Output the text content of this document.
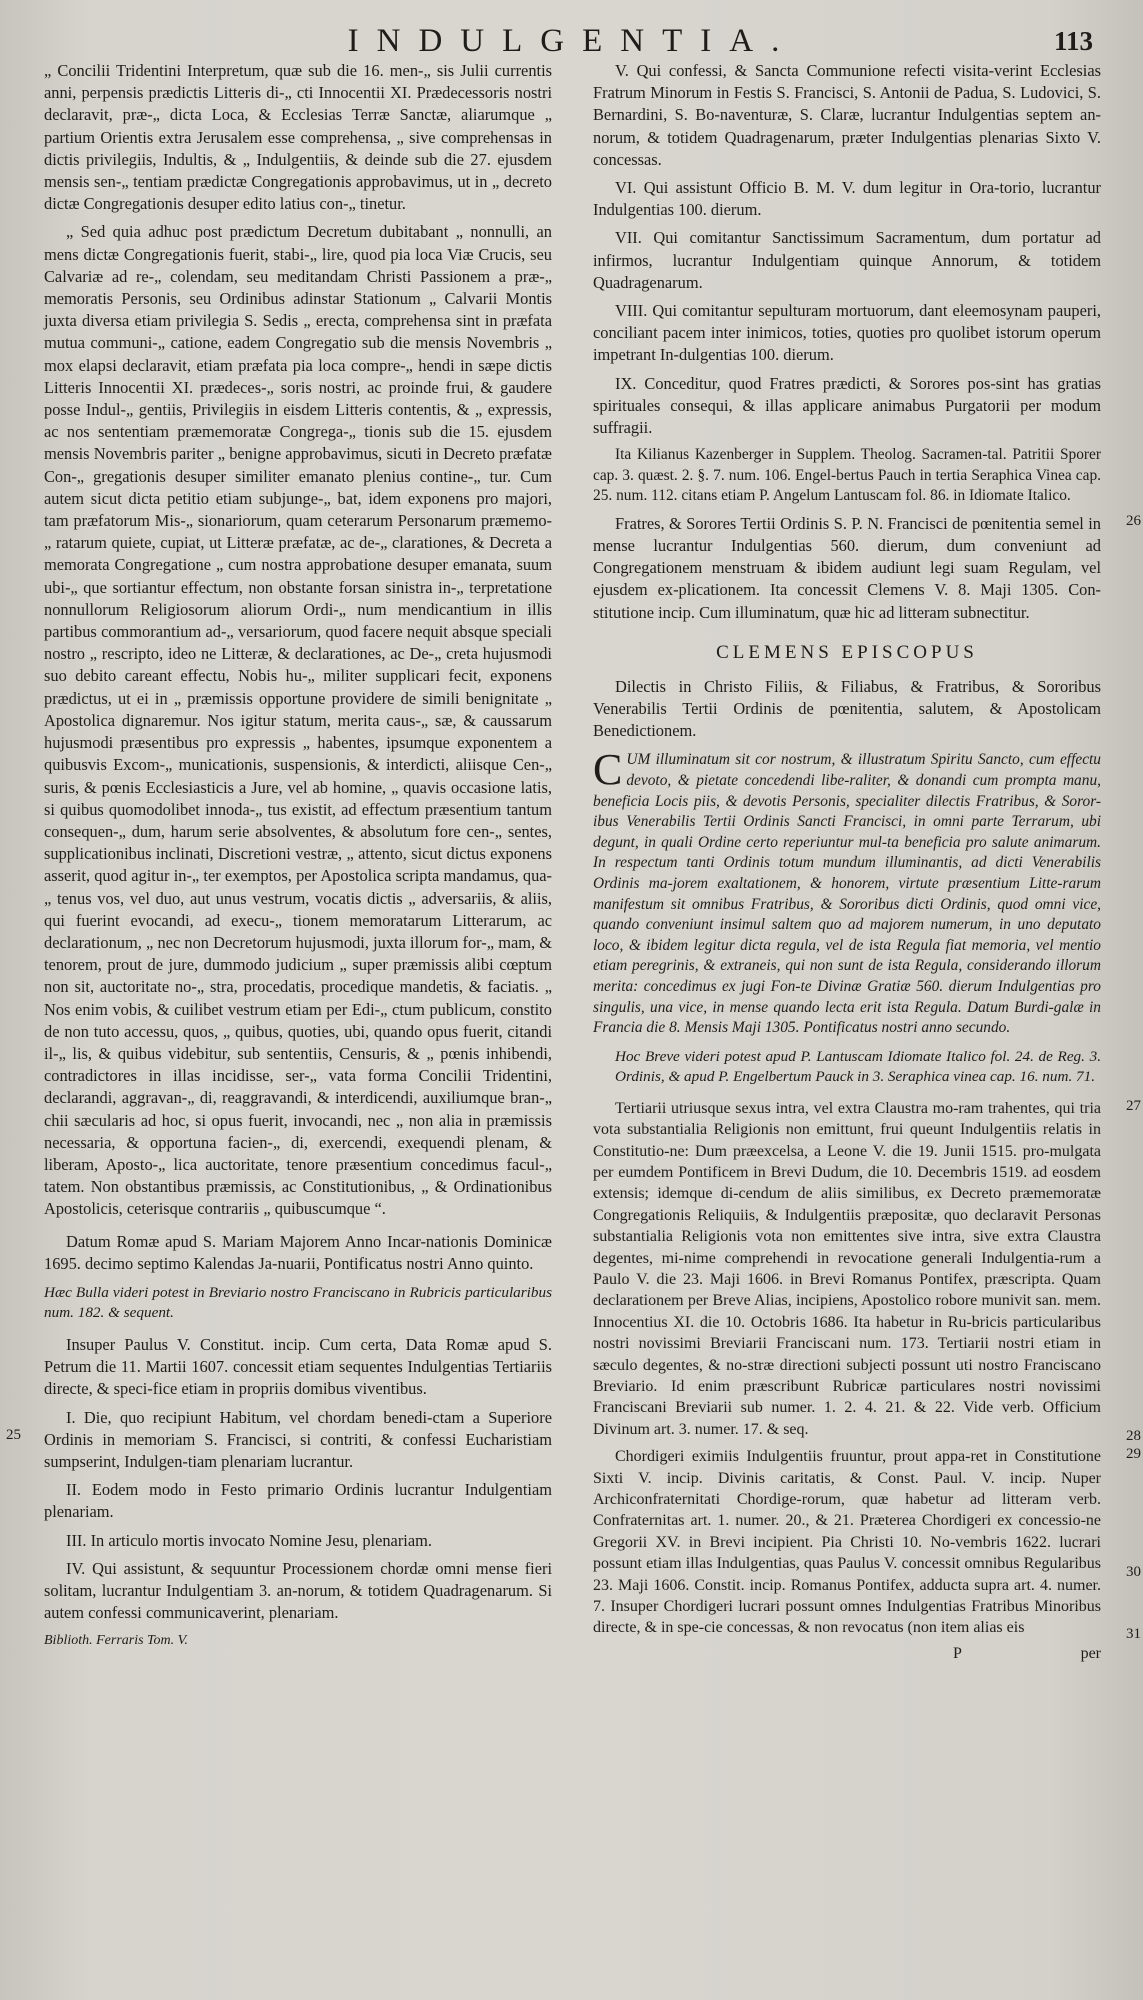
INDULGENTIA.	113

„ Concilii Tridentini Interpretum, quæ sub die 16. men-„ sis Julii currentis anni, perpensis prædictis Litteris di-„ cti Innocentii XI. Prædecessoris nostri declaravit, præ-„ dicta Loca, & Ecclesias Terræ Sanctæ, aliarumque „ partium Orientis extra Jerusalem esse comprehensa, „ sive comprehensas in dictis privilegiis, Indultis, & „ Indulgentiis, & deinde sub die 27. ejusdem mensis sen-„ tentiam prædictæ Congregationis approbavimus, ut in „ decreto dictæ Congregationis desuper edito latius con-„ tinetur.

„ Sed quia adhuc post prædictum Decretum dubitabant „ nonnulli, an mens dictæ Congregationis fuerit, stabi-„ lire, quod pia loca Viæ Crucis, seu Calvariæ ad re-„ colendam, seu meditandam Christi Passionem a præ-„ memoratis Personis, seu Ordinibus adinstar Stationum „ Calvarii Montis juxta diversa etiam privilegia S. Sedis „ erecta, comprehensa sint in præfata mutua communi-„ catione, eadem Congregatio sub die mensis Novembris „ mox elapsi declaravit, etiam præfata pia loca compre-„ hendi in sæpe dictis Litteris Innocentii XI. prædeces-„ soris nostri, ac proinde frui, & gaudere posse Indul-„ gentiis, Privilegiis in eisdem Litteris contentis, & „ expressis, ac nos sententiam præmemoratæ Congrega-„ tionis sub die 15. ejusdem mensis Novembris pariter „ benigne approbavimus, sicuti in Decreto præfatæ Con-„ gregationis desuper similiter emanato plenius contine-„ tur. Cum autem sicut dicta petitio etiam subjunge-„ bat, idem exponens pro majori, tam præfatorum Mis-„ sionariorum, quam ceterarum Personarum præmemo-„ ratarum quiete, cupiat, ut Litteræ præfatæ, ac de-„ clarationes, & Decreta a memorata Congregatione „ cum nostra approbatione desuper emanata, suum ubi-„ que sortiantur effectum, non obstante forsan sinistra in-„ terpretatione nonnullorum Religiosorum aliorum Ordi-„ num mendicantium in illis partibus commorantium ad-„ versariorum, quod facere nequit absque speciali nostro „ rescripto, ideo ne Litteræ, & declarationes, ac De-„ creta hujusmodi suo debito careant effectu, Nobis hu-„ militer supplicari fecit, exponens prædictus, ut ei in „ præmissis opportune providere de simili benignitate „ Apostolica dignaremur. Nos igitur statum, merita caus-„ sæ, & caussarum hujusmodi præsentibus pro expressis „ habentes, ipsumque exponentem a quibusvis Excom-„ municationis, suspensionis, & interdicti, aliisque Cen-„ suris, & pœnis Ecclesiasticis a Jure, vel ab homine, „ quavis occasione latis, si quibus quomodolibet innoda-„ tus existit, ad effectum præsentium tantum consequen-„ dum, harum serie absolventes, & absolutum fore cen-„ sentes, supplicationibus inclinati, Discretioni vestræ, „ attento, sicut dictus exponens asserit, quod agitur in-„ ter exemptos, per Apostolica scripta mandamus, qua-„ tenus vos, vel duo, aut unus vestrum, vocatis dictis „ adversariis, & aliis, qui fuerint evocandi, ad execu-„ tionem memoratarum Litterarum, ac declarationum, „ nec non Decretorum hujusmodi, juxta illorum for-„ mam, & tenorem, prout de jure, dummodo judicium „ super præmissis alibi cœptum non sit, auctoritate no-„ stra, procedatis, procedique mandetis, & faciatis. „ Nos enim vobis, & cuilibet vestrum etiam per Edi-„ ctum publicum, constito de non tuto accessu, quos, „ quibus, quoties, ubi, quando opus fuerit, citandi il-„ lis, & quibus videbitur, sub sententiis, Censuris, & „ pœnis inhibendi, contradictores in illas incidisse, ser-„ vata forma Concilii Tridentini, declarandi, aggravan-„ di, reaggravandi, & interdicendi, auxiliumque bran-„ chii sæcularis ad hoc, si opus fuerit, invocandi, nec „ non alia in præmissis necessaria, & opportuna facien-„ di, exercendi, exequendi plenam, & liberam, Aposto-„ lica auctoritate, tenore præsentium concedimus facul-„ tatem. Non obstantibus præmissis, ac Constitutionibus, „ & Ordinationibus Apostolicis, ceterisque contrariis „ quibuscumque “.

Datum Romæ apud S. Mariam Majorem Anno Incar-nationis Dominicæ 1695. decimo septimo Kalendas Ja-nuarii, Pontificatus nostri Anno quinto.

Hæc Bulla videri potest in Breviario nostro Franciscano in Rubricis particularibus num. 182. & sequent.

Insuper Paulus V. Constitut. incip. Cum certa, Data Romæ apud S. Petrum die 11. Martii 1607. concessit etiam sequentes Indulgentias Tertiariis directe, & speci-fice etiam in propriis domibus viventibus.

25

I. Die, quo recipiunt Habitum, vel chordam benedi-ctam a Superiore Ordinis in memoriam S. Francisci, si contriti, & confessi Eucharistiam sumpserint, Indulgen-tiam plenariam lucrantur.

II. Eodem modo in Festo primario Ordinis lucrantur Indulgentiam plenariam.

III. In articulo mortis invocato Nomine Jesu, plenariam.

IV. Qui assistunt, & sequuntur Processionem chordæ omni mense fieri solitam, lucrantur Indulgentiam 3. an-norum, & totidem Quadragenarum. Si autem confessi communicaverint, plenariam.

Biblioth. Ferraris Tom. V.

V. Qui confessi, & Sancta Communione refecti visita-verint Ecclesias Fratrum Minorum in Festis S. Francisci, S. Antonii de Padua, S. Ludovici, S. Bernardini, S. Bo-naventuræ, S. Claræ, lucrantur Indulgentias septem an-norum, & totidem Quadragenarum, præter Indulgentias plenarias Sixto V. concessas.

VI. Qui assistunt Officio B. M. V. dum legitur in Ora-torio, lucrantur Indulgentias 100. dierum.

VII. Qui comitantur Sanctissimum Sacramentum, dum portatur ad infirmos, lucrantur Indulgentiam quinque Annorum, & totidem Quadragenarum.

VIII. Qui comitantur sepulturam mortuorum, dant eleemosynam pauperi, conciliant pacem inter inimicos, toties, quoties pro quolibet istorum operum impetrant In-dulgentias 100. dierum.

IX. Conceditur, quod Fratres prædicti, & Sorores pos-sint has gratias spirituales consequi, & illas applicare animabus Purgatorii per modum suffragii.

Ita Kilianus Kazenberger in Supplem. Theolog. Sacramen-tal. Patritii Sporer cap. 3. quæst. 2. §. 7. num. 106. Engel-bertus Pauch in tertia Seraphica Vinea cap. 25. num. 112. citans etiam P. Angelum Lantuscam fol. 86. in Idiomate Italico.

26

Fratres, & Sorores Tertii Ordinis S. P. N. Francisci de pœnitentia semel in mense lucrantur Indulgentias 560. dierum, dum conveniunt ad Congregationem menstruam & ibidem audiunt legi suam Regulam, vel ejusdem ex-plicationem. Ita concessit Clemens V. 8. Maji 1305. Con-stitutione incip. Cum illuminatum, quæ hic ad litteram subnectitur.

CLEMENS EPISCOPUS

Dilectis in Christo Filiis, & Filiabus, & Fratribus, & Sororibus Venerabilis Tertii Ordinis de pœnitentia, salutem, & Apostolicam Benedictionem.

C UM illuminatum sit cor nostrum, & illustratum Spiritu Sancto, cum effectu devoto, & pietate concedendi libe-raliter, & donandi cum prompta manu, beneficia Locis piis, & devotis Personis, specialiter dilectis Fratribus, & Soror-ibus Venerabilis Tertii Ordinis Sancti Francisci, in omni parte Terrarum, ubi degunt, in quali Ordine certo reperiuntur mul-ta beneficia pro salute animarum. In respectum tanti Ordinis totum mundum illuminantis, ad dicti Venerabilis Ordinis ma-jorem exaltationem, & honorem, virtute præsentium Litte-rarum manifestum sit omnibus Fratribus, & Sororibus dicti Ordinis, quod omni vice, quando conveniunt insimul saltem quo ad majorem numerum, in uno deputato loco, & ibidem legitur dicta regula, vel de ista Regula fiat memoria, vel mentio etiam peregrinis, & extraneis, qui non sunt de ista Regula, considerando illorum merita: concedimus ex jugi Fon-te Divinæ Gratiæ 560. dierum Indulgentias pro singulis, una vice, in mense quando lecta erit ista Regula. Datum Burdi-galæ in Francia die 8. Mensis Maji 1305. Pontificatus nostri anno secundo.

Hoc Breve videri potest apud P. Lantuscam Idiomate Italico fol. 24. de Reg. 3. Ordinis, & apud P. Engelbertum Pauck in 3. Seraphica vinea cap. 16. num. 71.

27
28

Tertiarii utriusque sexus intra, vel extra Claustra mo-ram trahentes, qui tria vota substantialia Religionis non emittunt, frui queunt Indulgentiis relatis in Constitutio-ne: Dum præexcelsa, a Leone V. die 19. Junii 1515. pro-mulgata per eumdem Pontificem in Brevi Dudum, die 10. Decembris 1519. ad eosdem extensis; idemque di-cendum de aliis similibus, ex Decreto præmemoratæ Congregationis Reliquiis, & Indulgentiis præpositæ, quo declaravit Personas substantialia Religionis vota non emittentes sive intra, sive extra Claustra degentes, mi-nime comprehendi in revocatione generali Indulgentia-rum a Paulo V. die 23. Maji 1606. in Brevi Romanus Pontifex, præscripta. Quam declarationem per Breve Alias, incipiens, Apostolico robore munivit san. mem. Innocentius XI. die 10. Octobris 1686. Ita habetur in Ru-bricis particularibus nostri novissimi Breviarii Franciscani num. 173. Tertiarii nostri etiam in sæculo degentes, & no-stræ directioni subjecti possunt uti nostro Franciscano Breviario. Id enim præscribunt Rubricæ particulares nostri novissimi Franciscani Breviarii sub numer. 1. 2. 4. 21. & 22. Vide verb. Officium Divinum art. 3. numer. 17. & seq.

29
30
31

Chordigeri eximiis Indulgentiis fruuntur, prout appa-ret in Constitutione Sixti V. incip. Divinis caritatis, & Const. Paul. V. incip. Nuper Archiconfraternitati Chordige-rorum, quæ habetur ad litteram verb. Confraternitas art. 1. numer. 20., & 21. Præterea Chordigeri ex concessio-ne Gregorii XV. in Brevi incipient. Pia Christi 10. No-vembris 1622. lucrari possunt etiam illas Indulgentias, quas Paulus V. concessit omnibus Regularibus 23. Maji 1606. Constit. incip. Romanus Pontifex, adducta supra art. 4. numer. 7. Insuper Chordigeri lucrari possunt omnes Indulgentias Fratribus Minoribus directe, & in spe-cie concessas, & non revocatus (non item alias eis

P	per
